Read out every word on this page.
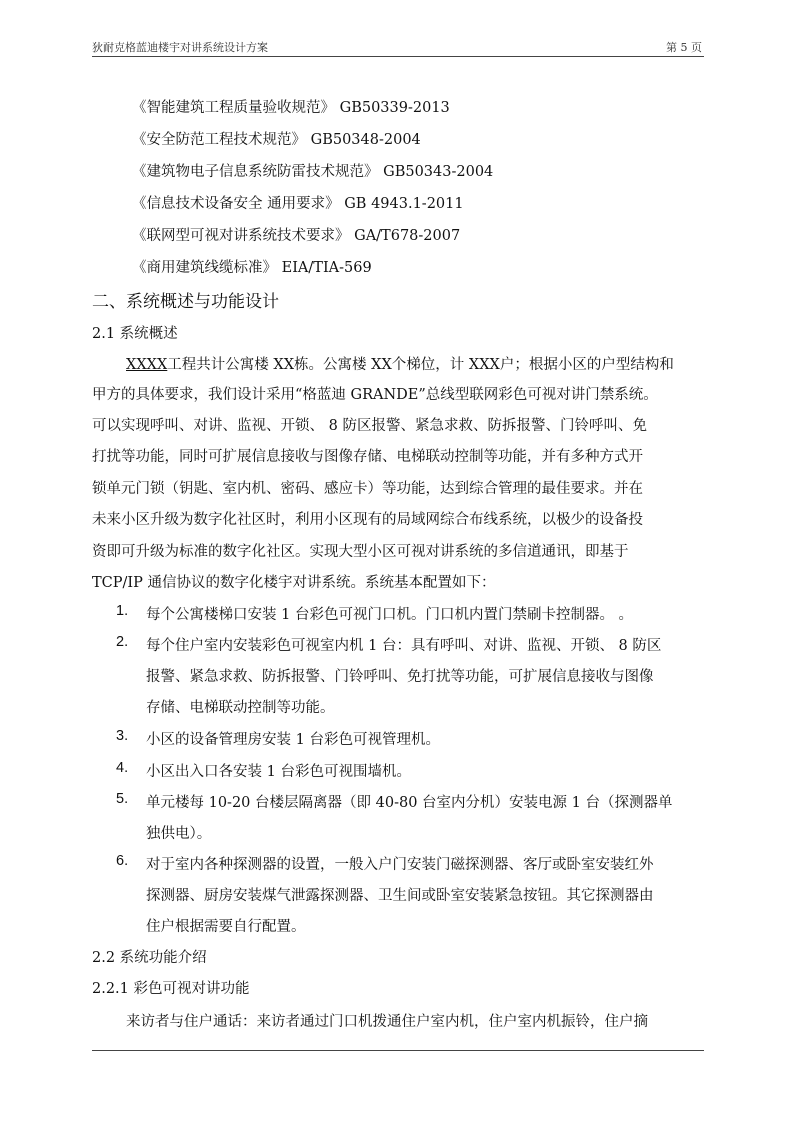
狄耐克格蓝迪楼宇对讲系统设计方案	第 5 页
《智能建筑工程质量验收规范》 GB50339-2013
《安全防范工程技术规范》 GB50348-2004
《建筑物电子信息系统防雷技术规范》 GB50343-2004
《信息技术设备安全 通用要求》 GB 4943.1-2011
《联网型可视对讲系统技术要求》 GA/T678-2007
《商用建筑线缆标准》 EIA/TIA-569
二、系统概述与功能设计
2.1 系统概述
XXXX工程共计公寓楼 XX栋。公寓楼 XX个梯位，计 XXX户；根据小区的户型结构和
甲方的具体要求，我们设计采用“格蓝迪 GRANDE”总线型联网彩色可视对讲门禁系统。
可以实现呼叫、对讲、监视、开锁、 8 防区报警、紧急求救、防拆报警、门铃呼叫、免
打扰等功能，同时可扩展信息接收与图像存储、电梯联动控制等功能，并有多种方式开
锁单元门锁（钥匙、室内机、密码、感应卡）等功能，达到综合管理的最佳要求。并在
未来小区升级为数字化社区时，利用小区现有的局域网综合布线系统，以极少的设备投
资即可升级为标准的数字化社区。实现大型小区可视对讲系统的多信道通讯，即基于
TCP/IP 通信协议的数字化楼宇对讲系统。系统基本配置如下：
1. 每个公寓楼梯口安装 1 台彩色可视门口机。门口机内置门禁刷卡控制器。 。
2. 每个住户室内安装彩色可视室内机 1 台：具有呼叫、对讲、监视、开锁、 8 防区
报警、紧急求救、防拆报警、门铃呼叫、免打扰等功能，可扩展信息接收与图像
存储、电梯联动控制等功能。
3. 小区的设备管理房安装 1 台彩色可视管理机。
4. 小区出入口各安装 1 台彩色可视围墙机。
5. 单元楼每 10-20 台楼层隔离器（即 40-80 台室内分机）安装电源 1 台（探测器单
独供电）。
6. 对于室内各种探测器的设置，一般入户门安装门磁探测器、客厅或卧室安装红外
探测器、厨房安装煤气泄露探测器、卫生间或卧室安装紧急按钮。其它探测器由
住户根据需要自行配置。
2.2 系统功能介绍
2.2.1 彩色可视对讲功能
来访者与住户通话：来访者通过门口机拨通住户室内机，住户室内机振铃，住户摘
